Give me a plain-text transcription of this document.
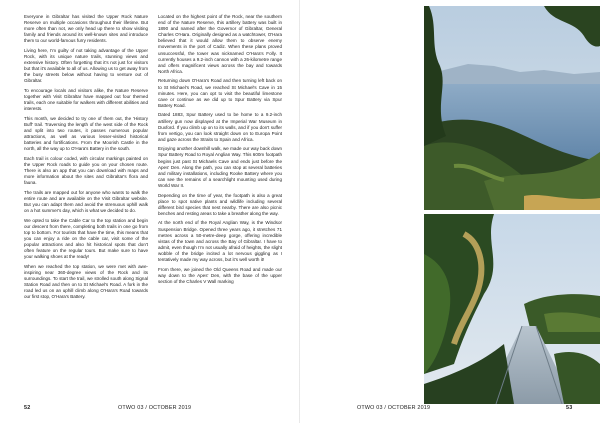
Everyone in Gibraltar has visited the Upper Rock Nature Reserve on multiple occasions throughout their lifetime. But more often than not, we only head up there to show visiting family and friends around its well-known sites and introduce them to our world-famous furry residents.

Living here, I'm guilty of not taking advantage of the Upper Rock, with its unique nature trails, stunning views and extensive history. Often forgetting that it's not just for visitors but that it's available to all of us. Allowing us to get away from the busy streets below without having to venture out of Gibraltar.

To encourage locals and visitors alike, the Nature Reserve together with Visit Gibraltar have mapped out four themed trails, each one suitable for walkers with different abilities and interests.

This month, we decided to try one of them out, the 'History Buff' trail. Traversing the length of the west side of the Rock and split into two routes, it passes numerous popular attractions, as well as various lesser-visited historical batteries and fortifications. From the Moorish Castle in the north, all the way up to O'Hara's Battery in the south.

Each trail is colour coded, with circular markings painted on the Upper Rock roads to guide you on your chosen route. There is also an app that you can download with maps and more information about the sites and Gibraltar's flora and fauna.

The trails are mapped out for anyone who wants to walk the entire route and are available on the Visit Gibraltar website. But you can adapt them and avoid the strenuous uphill walk on a hot summer's day, which is what we decided to do.

We opted to take the Cable Car to the top station and begin our descent from there, completing both trails in one go from top to bottom. For tourists that have the time, this means that you can enjoy a ride on the cable car, visit some of the popular attractions and also hit historical spots that don't often feature on the regular tours. But make sure to have your walking shoes at the ready!

When we reached the top station, we were met with awe-inspiring near 360-degree views of the Rock and its surroundings. To start the trail, we strolled south along Signal Station Road and then on to St Michael's Road. A fork in the road led us on an uphill climb along O'Hara's Road towards our first stop, O'Hara's Battery.

Located on the highest point of the Rock, near the southern end of the Nature Reserve, this artillery battery was built in 1890 and named after the Governor of Gibraltar, General Charles O'Hara. Originally designed as a watchtower, O'Hara believed that it would allow them to observe enemy movements in the port of Cadiz. When these plans proved unsuccessful, the tower was nicknamed O'Hara's Folly. It currently houses a 9.2-inch cannon with a 26-kilometre range and offers magnificent views across the bay and towards North Africa.

Returning down O'Hara's Road and then turning left back on to St Michael's Road, we reached St Michael's Cave in 15 minutes. Here, you can opt to visit the beautiful limestone cave or continue as we did up to Spur Battery via Spur Battery Road.

Dated 1883, Spur Battery used to be home to a 9.2-inch artillery gun now displayed at the Imperial War Museum in Duxford. If you climb up on to its walls, and if you don't suffer from vertigo, you can look straight down on to Europa Point and gaze across the Straits to Spain and Africa.

Enjoying another downhill walk, we made our way back down Spur Battery Road to Royal Anglian Way. This 600m footpath begins just past St Michaels Cave and ends just before the Apes' Den. Along the path, you can stop at several batteries and military installations, including Rooke Battery where you can see the remains of a searchlight mounting used during World War II.

Depending on the time of year, the footpath is also a great place to spot native plants and wildlife including several different bird species that nest nearby. There are also picnic benches and resting areas to take a breather along the way.

At the north end of the Royal Anglian Way, is the Windsor Suspension Bridge. Opened three years ago, it stretches 71 metres across a 50-metre-deep gorge, offering incredible vistas of the town and across the Bay of Gibraltar. I have to admit, even though I'm not usually afraid of heights, the slight wobble of the bridge incited a lot nervous giggling as I tentatively made my way across, but it's well worth it!

From there, we joined the Old Queens Road and made our way down to the Apes' Den, with the base of the upper section of the Charles V Wall marking

52	OTWO 03 / OCTOBER 2019	OTWO 03 / OCTOBER 2019	53
